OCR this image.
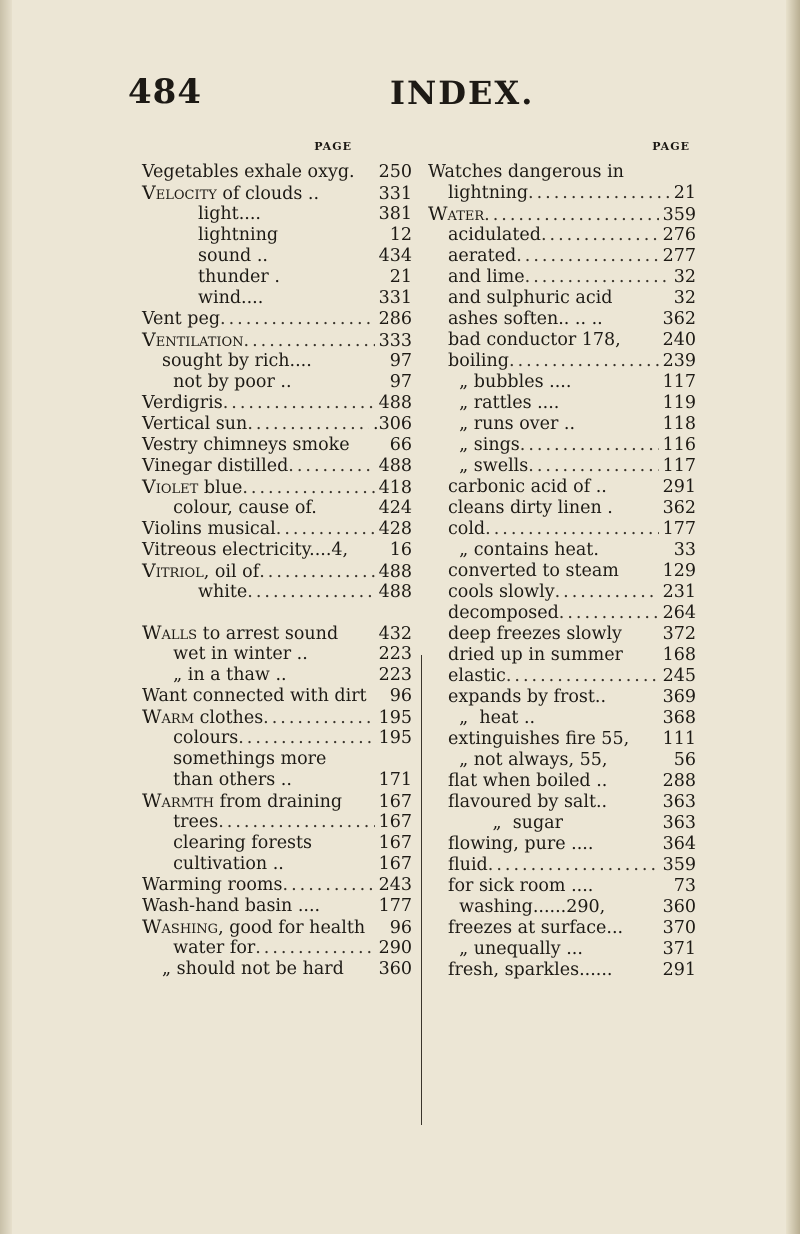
484	INDEX.
PAGE
Vegetables exhale oxyg. 250
Velocity of clouds ..	331
light....	381
lightning	12
sound ..	434
thunder .	21
wind....	331
Vent peg .....	286
Ventilation .....	333
sought by rich....	97
not by poor ..	97
Verdigris .....	488
Vertical sun .....	.306
Vestry chimneys smoke 66
Vinegar distilled .....	488
Violet blue .....	418
colour, cause of.	424
Violins musical .....	428
Vitreous electricity....4, 16
Vitriol, oil of .....	488
white .....	488
Walls to arrest sound 432
wet in winter ..	223
„ in a thaw ..	223
Want connected with dirt 96
Warm clothes .....	195
colours .....	195
somethings more
than others ..	171
Warmth from draining 167
trees .....	167
clearing forests	167
cultivation ..	167
Warming rooms .....	243
Wash-hand basin ....	177
Washing, good for health 96
water for .....	290
„ should not be hard 360
PAGE
Watches dangerous in
lightning .....	21
Water .....	359
acidulated .....	276
aerated .....	277
and lime .....	32
and sulphuric acid	32
ashes soften.. .. ..	362
bad conductor 178, 240
boiling .....	239
„ bubbles ....	117
„ rattles ....	119
„ runs over ..	118
„ sings .....	116
„ swells .....	117
carbonic acid of ..	291
cleans dirty linen .	362
cold .....	177
„ contains heat.	33
converted to steam 129
cools slowly .....	231
decomposed .....	264
deep freezes slowly 372
dried up in summer 168
elastic .....	245
expands by frost..	369
„  heat ..	368
extinguishes fire 55, 111
„ not always, 55,	56
flat when boiled ..	288
flavoured by salt..	363
„  sugar	363
flowing, pure ....	364
fluid .....	359
for sick room ....	73
washing......290,	360
freezes at surface... 370
„ unequally ...	371
fresh, sparkles......	291
